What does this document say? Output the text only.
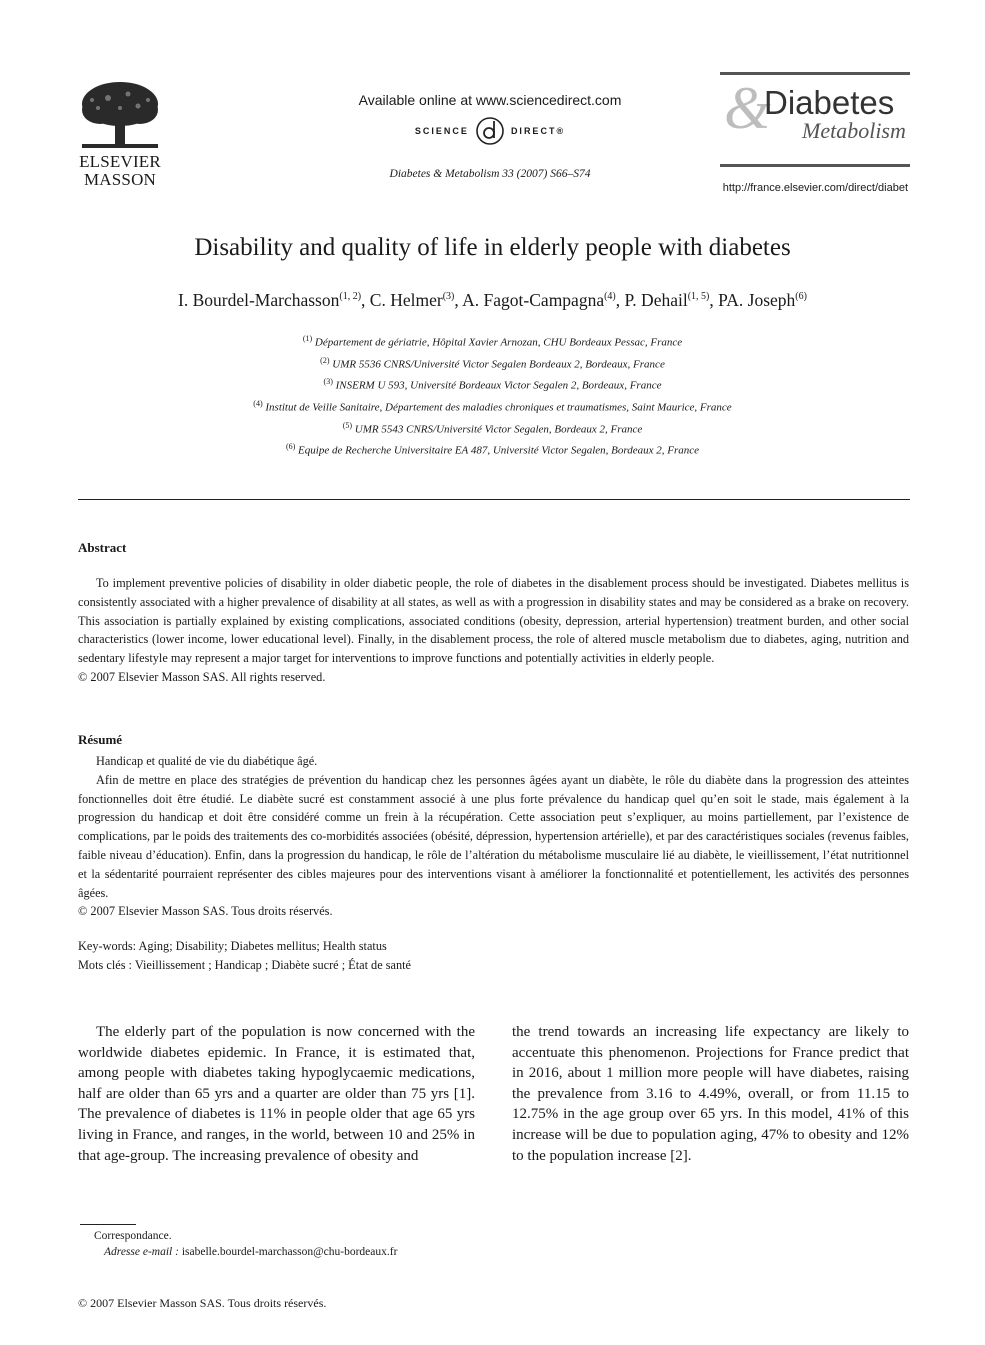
ELSEVIER
MASSON
Available online at www.sciencedirect.com
SCIENCE	DIRECT ®
Diabetes & Metabolism 33 (2007) S66–S74
&
Diabetes
Metabolism
http://france.elsevier.com/direct/diabet
Disability and quality of life in elderly people with diabetes
I. Bourdel-Marchasson$^{(1, 2)}$, C. Helmer$^{(3)}$, A. Fagot-Campagna$^{(4)}$, P. Dehail$^{(1, 5)}$, PA. Joseph$^{(6)}$
$^{(1)}$ Département de gériatrie, Hôpital Xavier Arnozan, CHU Bordeaux Pessac, France
$^{(2)}$ UMR 5536 CNRS/Université Victor Segalen Bordeaux 2, Bordeaux, France
$^{(3)}$ INSERM U 593, Université Bordeaux Victor Segalen 2, Bordeaux, France
$^{(4)}$ Institut de Veille Sanitaire, Département des maladies chroniques et traumatismes, Saint Maurice, France
$^{(5)}$ UMR 5543 CNRS/Université Victor Segalen, Bordeaux 2, France
$^{(6)}$ Equipe de Recherche Universitaire EA 487, Université Victor Segalen, Bordeaux 2, France
Abstract

To implement preventive policies of disability in older diabetic people, the role of diabetes in the disablement process should be investigated. Diabetes mellitus is consistently associated with a higher prevalence of disability at all states, as well as with a progression in disability states and may be considered as a brake on recovery. This association is partially explained by existing complications, associated conditions (obesity, depression, arterial hypertension) treatment burden, and other social characteristics (lower income, lower educational level). Finally, in the disablement process, the role of altered muscle metabolism due to diabetes, aging, nutrition and sedentary lifestyle may represent a major target for interventions to improve functions and potentially activities in elderly people.

© 2007 Elsevier Masson SAS. All rights reserved.

Résumé

Handicap et qualité de vie du diabétique âgé.

Afin de mettre en place des stratégies de prévention du handicap chez les personnes âgées ayant un diabète, le rôle du diabète dans la progression des atteintes fonctionnelles doit être étudié. Le diabète sucré est constamment associé à une plus forte prévalence du handicap quel qu’en soit le stade, mais également à la progression du handicap et doit être considéré comme un frein à la récupération. Cette association peut s’expliquer, au moins partiellement, par l’existence de complications, par le poids des traitements des co-morbidités associées (obésité, dépression, hypertension artérielle), et par des caractéristiques sociales (revenus faibles, faible niveau d’éducation). Enfin, dans la progression du handicap, le rôle de l’altération du métabolisme musculaire lié au diabète, le vieillissement, l’état nutritionnel et la sédentarité pourraient représenter des cibles majeures pour des interventions visant à améliorer la fonctionnalité et potentiellement, les activités des personnes âgées.

© 2007 Elsevier Masson SAS. Tous droits réservés.

Key-words: Aging; Disability; Diabetes mellitus; Health status

Mots clés : Vieillissement ; Handicap ; Diabète sucré ; État de santé

The elderly part of the population is now concerned with the worldwide diabetes epidemic. In France, it is estimated that, among people with diabetes taking hypoglycaemic medications, half are older than 65 yrs and a quarter are older than 75 yrs [1]. The prevalence of diabetes is 11% in people older that age 65 yrs living in France, and ranges, in the world, between 10 and 25% in that age-group. The increasing prevalence of obesity and

the trend towards an increasing life expectancy are likely to accentuate this phenomenon. Projections for France predict that in 2016, about 1 million more people will have diabetes, raising the prevalence from 3.16 to 4.49%, overall, or from 11.15 to 12.75% in the age group over 65 yrs. In this model, 41% of this increase will be due to population aging, 47% to obesity and 12% to the population increase [2].

Correspondance.
Adresse e-mail : isabelle.bourdel-marchasson@chu-bordeaux.fr
© 2007 Elsevier Masson SAS. Tous droits réservés.
